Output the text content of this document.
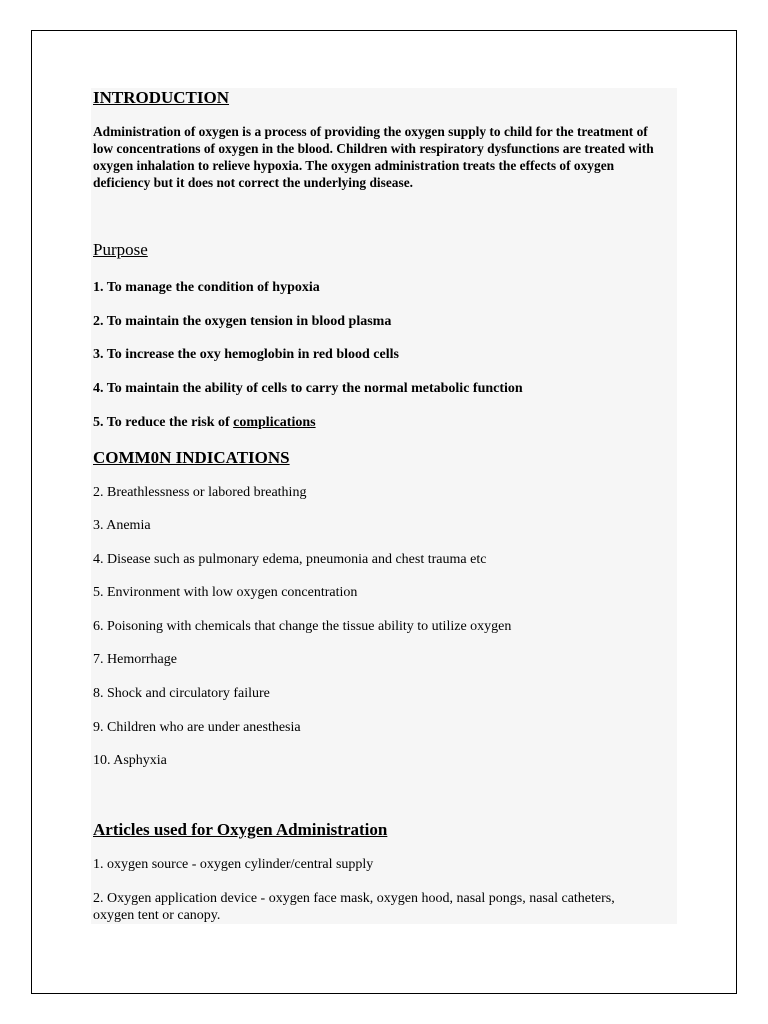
INTRODUCTION

Administration of oxygen is a process of providing the oxygen supply to child for the treatment of low concentrations of oxygen in the blood. Children with respiratory dysfunctions are treated with oxygen inhalation to relieve hypoxia. The oxygen administration treats the effects of oxygen deficiency but it does not correct the underlying disease.

Purpose

1. To manage the condition of hypoxia

2. To maintain the oxygen tension in blood plasma

3. To increase the oxy hemoglobin in red blood cells

4. To maintain the ability of cells to carry the normal metabolic function

5. To reduce the risk of complications

COMM0N INDICATIONS

2. Breathlessness or labored breathing

3. Anemia

4. Disease such as pulmonary edema, pneumonia and chest trauma etc

5. Environment with low oxygen concentration

6. Poisoning with chemicals that change the tissue ability to utilize oxygen

7. Hemorrhage

8. Shock and circulatory failure

9. Children who are under anesthesia

10. Asphyxia

Articles used for Oxygen Administration

1. oxygen source - oxygen cylinder/central supply

2. Oxygen application device - oxygen face mask, oxygen hood, nasal pongs, nasal catheters, oxygen tent or canopy.
